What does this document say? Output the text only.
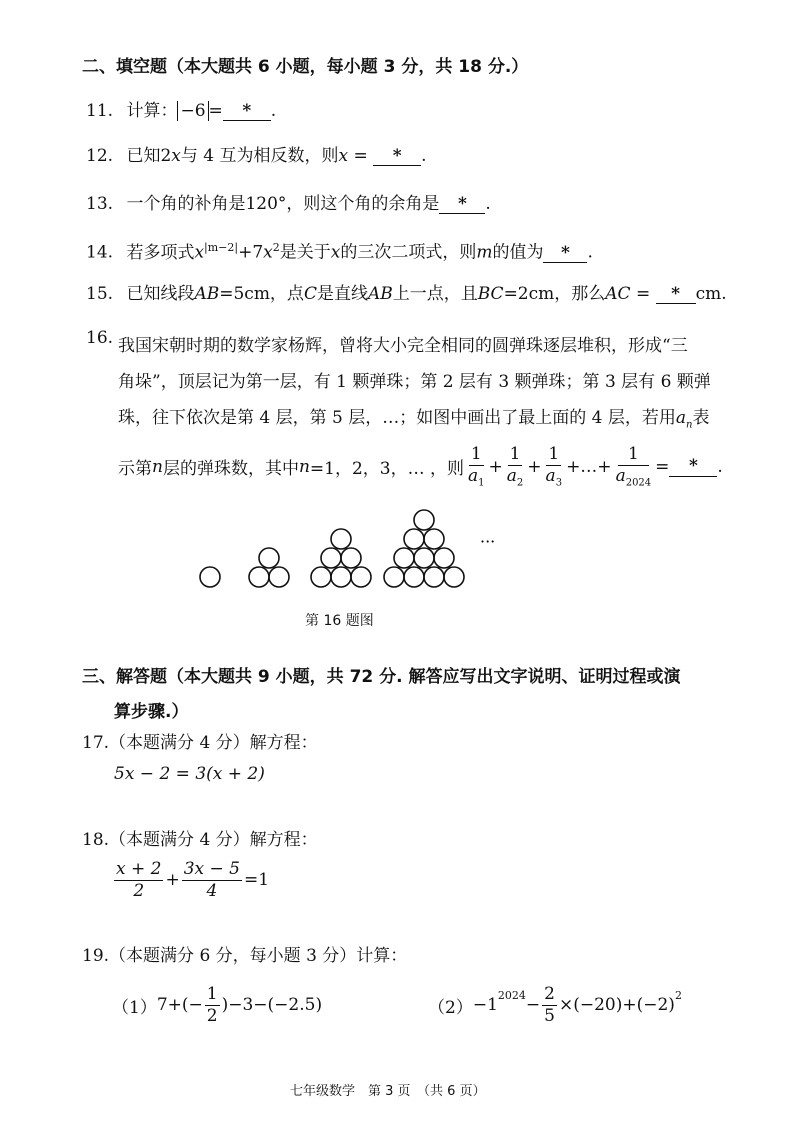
二、填空题（本大题共 6 小题，每小题 3 分，共 18 分.）
11. 计算： −6 = * .
12. 已知2x与 4 互为相反数，则x = * .
13. 一个角的补角是120°，则这个角的余角是 * .
14. 若多项式$x^{|m-2|}+7x^2$是关于x的三次二项式，则m的值为 * .
15. 已知线段AB=5cm，点C是直线AB上一点，且BC=2cm，那么AC = * cm.
16. 我国宋朝时期的数学家杨辉，曾将大小完全相同的圆弹珠逐层堆积，形成“三
角垛”，顶层记为第一层，有 1 颗弹珠；第 2 层有 3 颗弹珠；第 3 层有 6 颗弹
珠，往下依次是第 4 层，第 5 层，…；如图中画出了最上面的 4 层，若用$a_n$表
示第 n 层的弹珠数，其中 n =1，2，3，… ，则 $\frac{1}{a_1} + \frac{1}{a_2} + \frac{1}{a_3}$ +…+ $\frac{1}{a_{2024}}$ =	*	.
···
第 16 题图
三、解答题（本大题共 9 小题，共 72 分. 解答应写出文字说明、证明过程或演
算步骤.）
17.（本题满分 4 分）解方程：
5x − 2 = 3(x + 2)
18.（本题满分 4 分）解方程：
$\frac{x + 2}{2} + \frac{3x - 5}{4} =1$
19.（本题满分 6 分，每小题 3 分）计算：
（1） $7+(- \frac{1}{2} )-3-(-2.5)$	$(2) -1^{2024} - \frac{2}{5} \times(-20)+(-2)^2$
七年级数学　第 3 页　（共 6 页）
